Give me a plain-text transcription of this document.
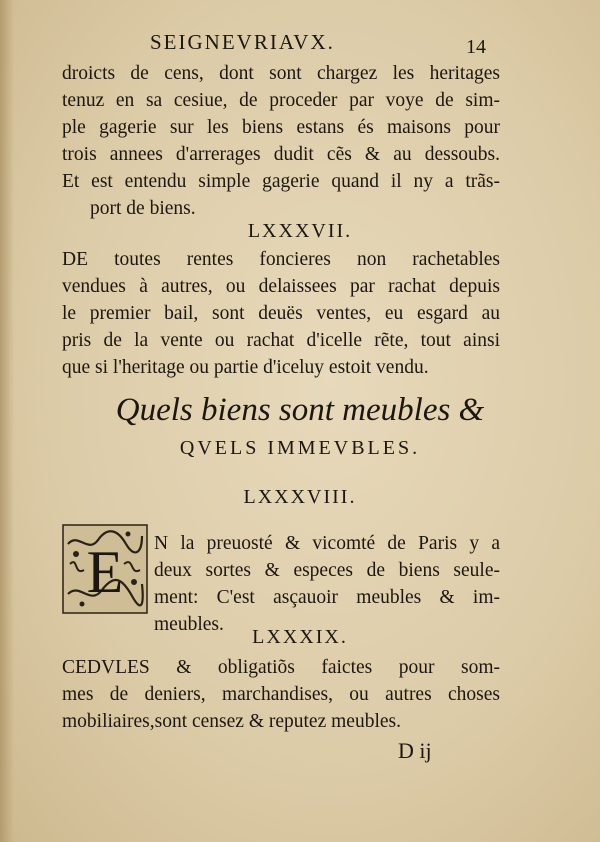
SEIGNEVRIAVX.	14
droicts de cens, dont sont chargez les heritages
tenuz en sa cesiue, de proceder par voye de sim-
ple gagerie sur les biens estans és maisons pour
trois annees d'arrerages dudit cẽs & au dessoubs.
Et est entendu simple gagerie quand il ny a trãs-
port de biens.
LXXXVII.
DE toutes rentes foncieres non rachetables
vendues à autres, ou delaissees par rachat depuis
le premier bail, sont deuës ventes, eu esgard au
pris de la vente ou rachat d'icelle rẽte, tout ainsi
que si l'heritage ou partie d'iceluy estoit vendu.
Quels biens sont meubles &
QVELS IMMEVBLES.
LXXXVIII.
E N la preuosté & vicomté de Paris y a
deux sortes & especes de biens seule-
ment: C'est asçauoir meubles & im-
meubles.
LXXXIX.
CEDVLES & obligatiõs faictes pour som-
mes de deniers, marchandises, ou autres choses
mobiliaires,sont censez & reputez meubles.
D ij
